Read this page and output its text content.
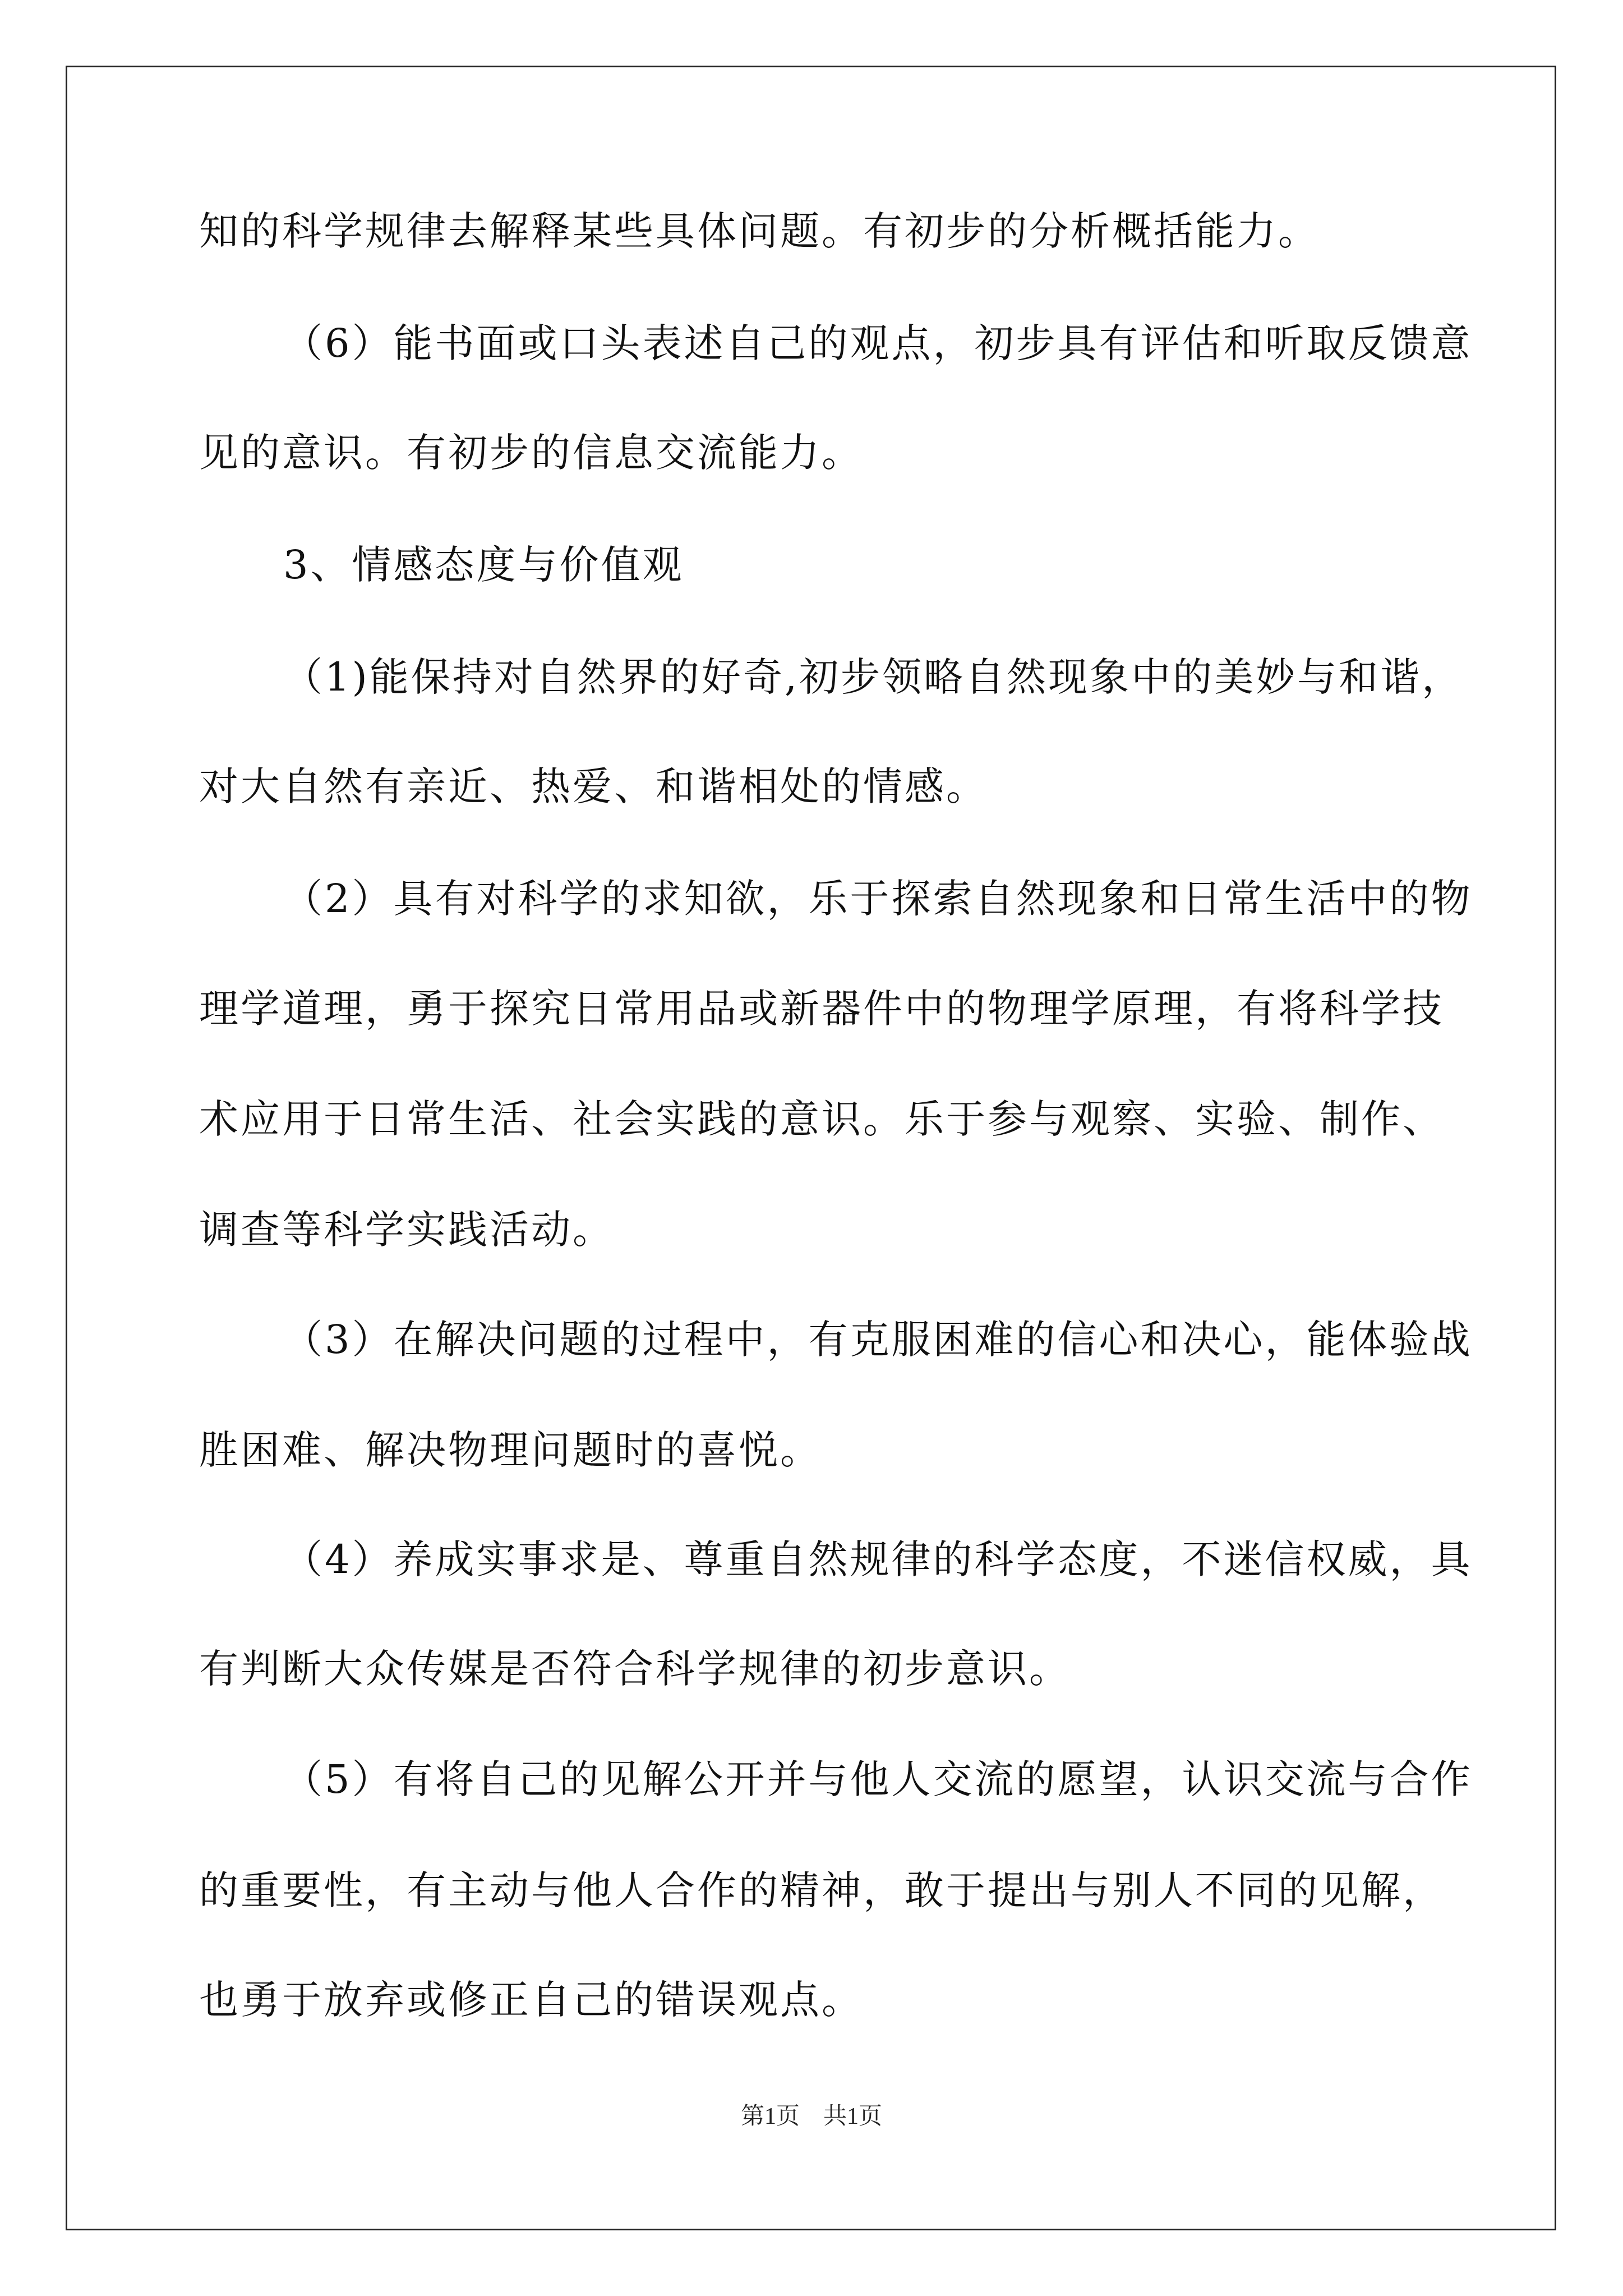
知的科学规律去解释某些具体问题。有初步的分析概括能力。
（6）能书面或口头表述自己的观点，初步具有评估和听取反馈意
见的意识。有初步的信息交流能力。
3、情感态度与价值观
（1)能保持对自然界的好奇,初步领略自然现象中的美妙与和谐，
对大自然有亲近、热爱、和谐相处的情感。
（2）具有对科学的求知欲，乐于探索自然现象和日常生活中的物
理学道理，勇于探究日常用品或新器件中的物理学原理，有将科学技
术应用于日常生活、社会实践的意识。乐于参与观察、实验、制作、
调查等科学实践活动。
（3）在解决问题的过程中，有克服困难的信心和决心，能体验战
胜困难、解决物理问题时的喜悦。
（4）养成实事求是、尊重自然规律的科学态度，不迷信权威，具
有判断大众传媒是否符合科学规律的初步意识。
（5）有将自己的见解公开并与他人交流的愿望，认识交流与合作
的重要性，有主动与他人合作的精神，敢于提出与别人不同的见解，
也勇于放弃或修正自己的错误观点。
第1页　共1页
